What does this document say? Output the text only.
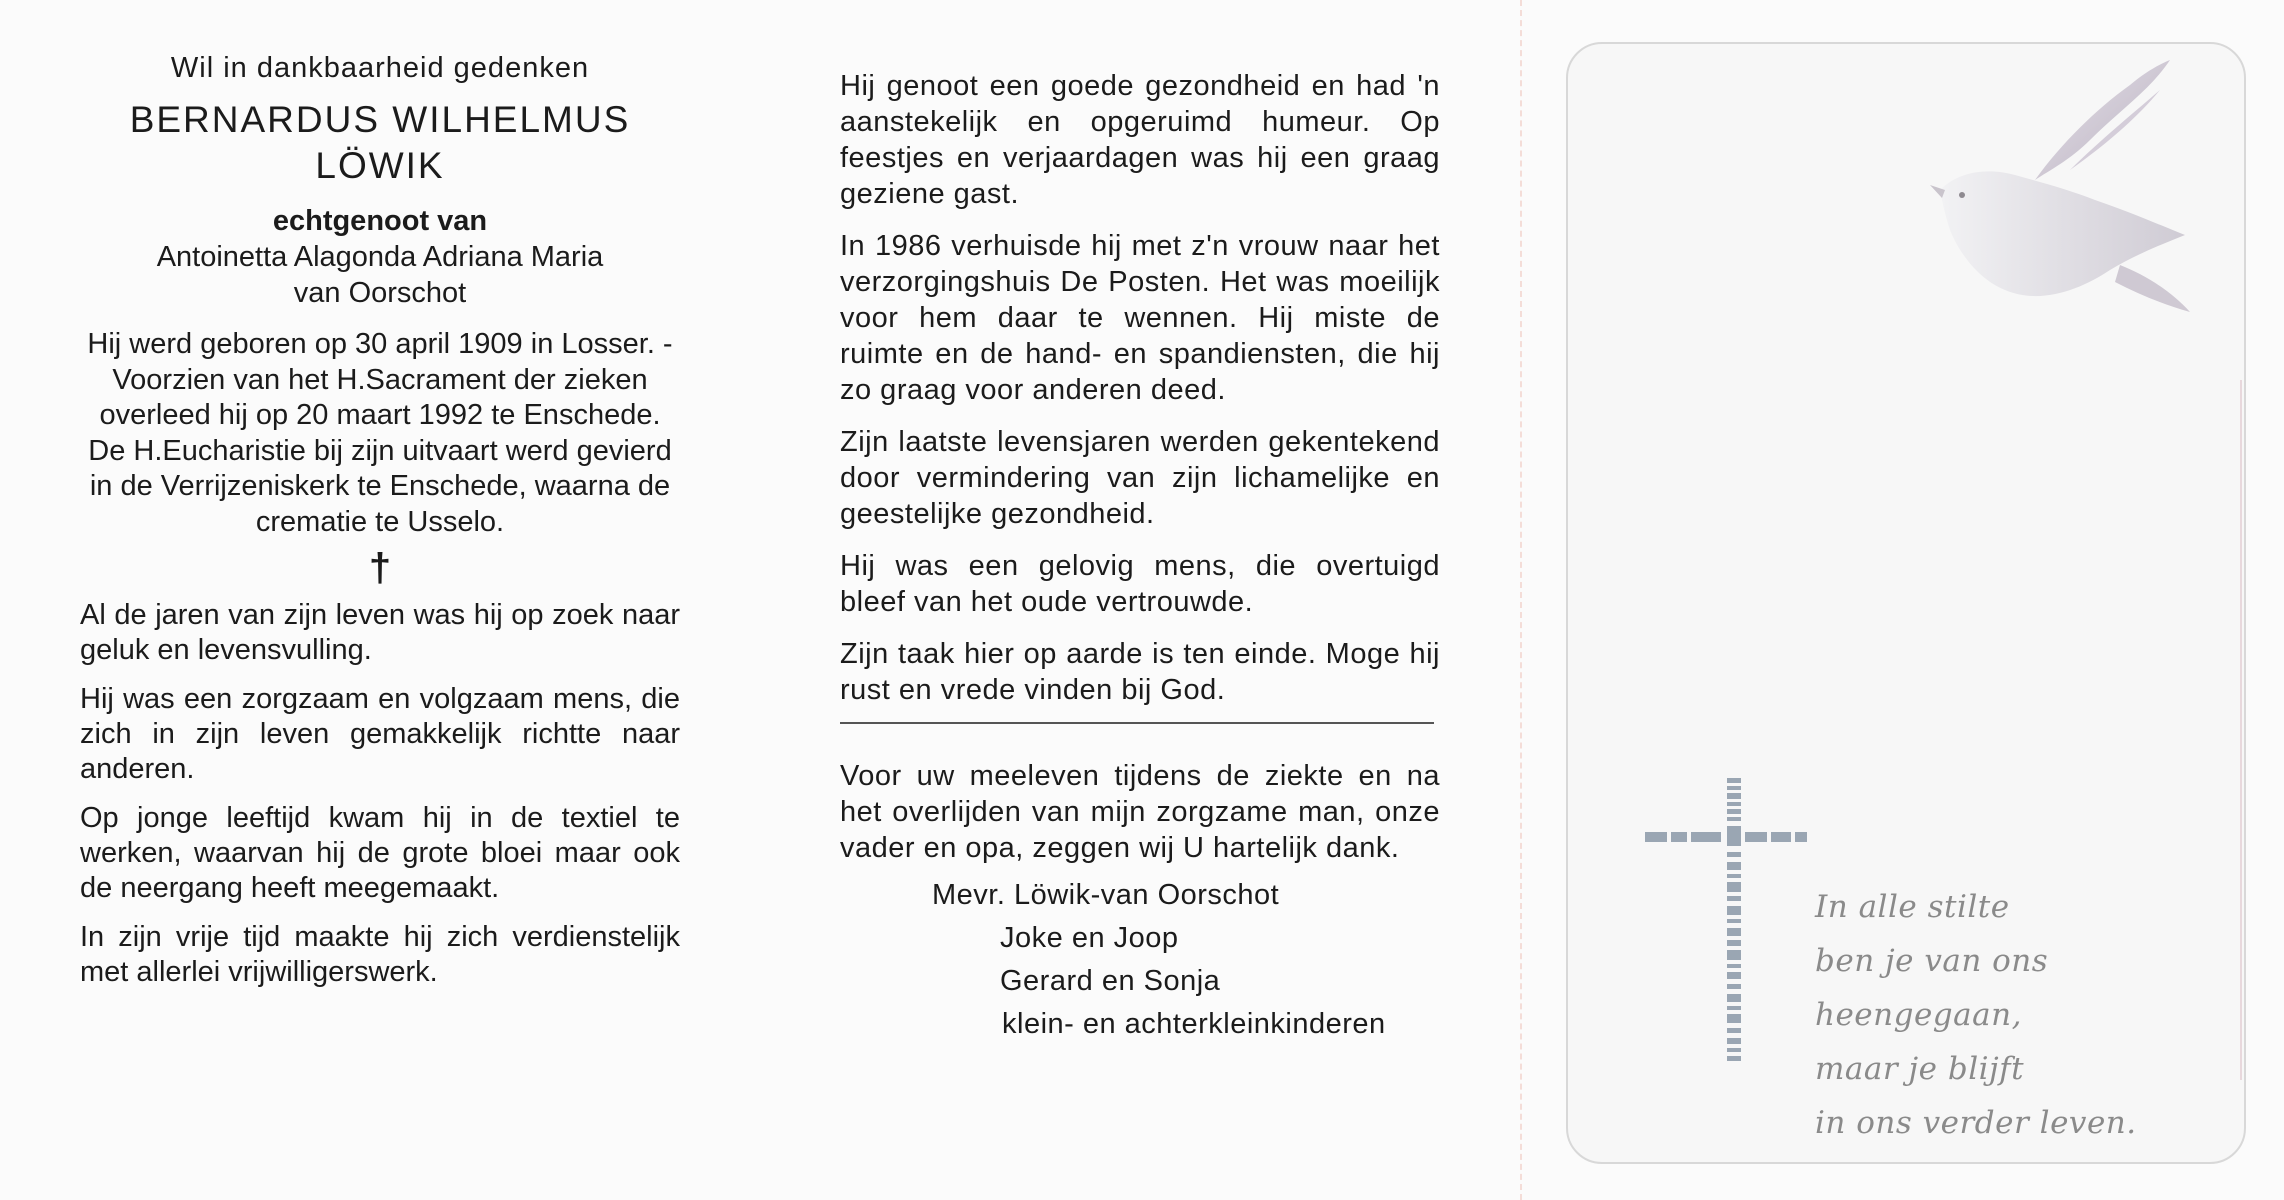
Wil in dankbaarheid gedenken
BERNARDUS WILHELMUS
LÖWIK
echtgenoot van
Antoinetta Alagonda Adriana Maria
van Oorschot
Hij werd geboren op 30 april 1909 in Losser. - Voorzien van het H.Sacrament der zieken overleed hij op 20 maart 1992 te Enschede. De H.Eucharistie bij zijn uitvaart werd gevierd in de Verrijzeniskerk te Enschede, waarna de crematie te Usselo.
†
Al de jaren van zijn leven was hij op zoek naar geluk en levensvulling.
Hij was een zorgzaam en volgzaam mens, die zich in zijn leven gemakkelijk richtte naar anderen.
Op jonge leeftijd kwam hij in de textiel te werken, waarvan hij de grote bloei maar ook de neergang heeft meegemaakt.
In zijn vrije tijd maakte hij zich verdienstelijk met allerlei vrijwilligerswerk.
Hij genoot een goede gezondheid en had 'n aanstekelijk en opgeruimd humeur. Op feestjes en verjaardagen was hij een graag geziene gast.
In 1986 verhuisde hij met z'n vrouw naar het verzorgingshuis De Posten. Het was moeilijk voor hem daar te wennen. Hij miste de ruimte en de hand- en spandiensten, die hij zo graag voor anderen deed.
Zijn laatste levensjaren werden gekentekend door vermindering van zijn lichamelijke en geestelijke gezondheid.
Hij was een gelovig mens, die overtuigd bleef van het oude vertrouwde.
Zijn taak hier op aarde is ten einde. Moge hij rust en vrede vinden bij God.
Voor uw meeleven tijdens de ziekte en na het overlijden van mijn zorgzame man, onze vader en opa, zeggen wij U hartelijk dank.
Mevr. Löwik-van Oorschot
Joke en Joop
Gerard en Sonja
klein- en achterkleinkinderen
In alle stilte
ben je van ons heengegaan,
maar je blijft
in ons verder leven.
